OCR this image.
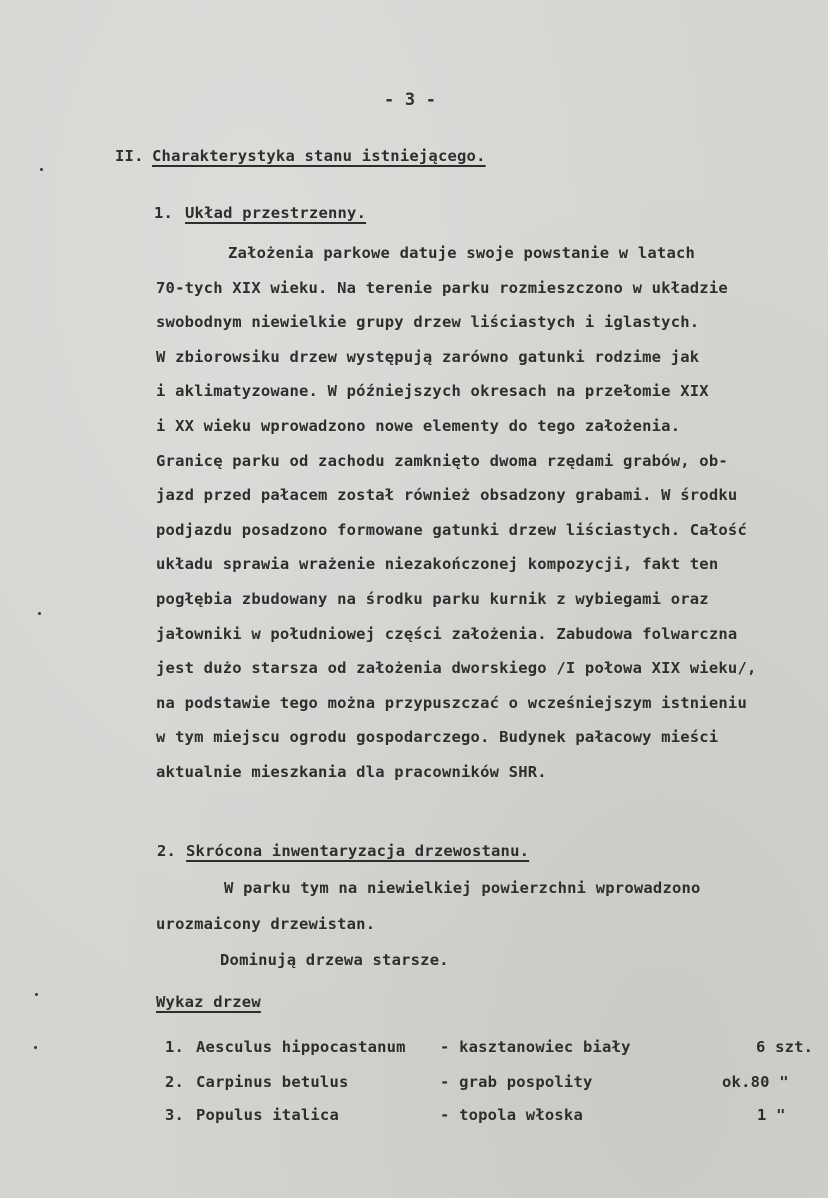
- 3 -
II. Charakterystyka stanu istniejącego.
1. Układ przestrzenny.
Założenia parkowe datuje swoje powstanie w latach
70-tych XIX wieku. Na terenie parku rozmieszczono w układzie
swobodnym niewielkie grupy drzew liściastych i iglastych.
W zbiorowsiku drzew występują zarówno gatunki rodzime jak
i aklimatyzowane. W późniejszych okresach na przełomie XIX
i XX wieku wprowadzono nowe elementy do tego założenia.
Granicę parku od zachodu zamknięto dwoma rzędami grabów, ob-
jazd przed pałacem został również obsadzony grabami. W środku
podjazdu posadzono formowane gatunki drzew liściastych. Całość
układu sprawia wrażenie niezakończonej kompozycji, fakt ten
pogłębia zbudowany na środku parku kurnik z wybiegami oraz
jałowniki w południowej części założenia. Zabudowa folwarczna
jest dużo starsza od założenia dworskiego /I połowa XIX wieku/,
na podstawie tego można przypuszczać o wcześniejszym istnieniu
w tym miejscu ogrodu gospodarczego. Budynek pałacowy mieści
aktualnie mieszkania dla pracowników SHR.
2. Skrócona inwentaryzacja drzewostanu.
W parku tym na niewielkiej powierzchni wprowadzono
urozmaicony drzewistan.
Dominują drzewa starsze.
Wykaz drzew
1. Aesculus hippocastanum - kasztanowiec biały	6 szt.
2. Carpinus betulus	- grab pospolity	ok.80 "
3. Populus italica	- topola włoska	1 "
